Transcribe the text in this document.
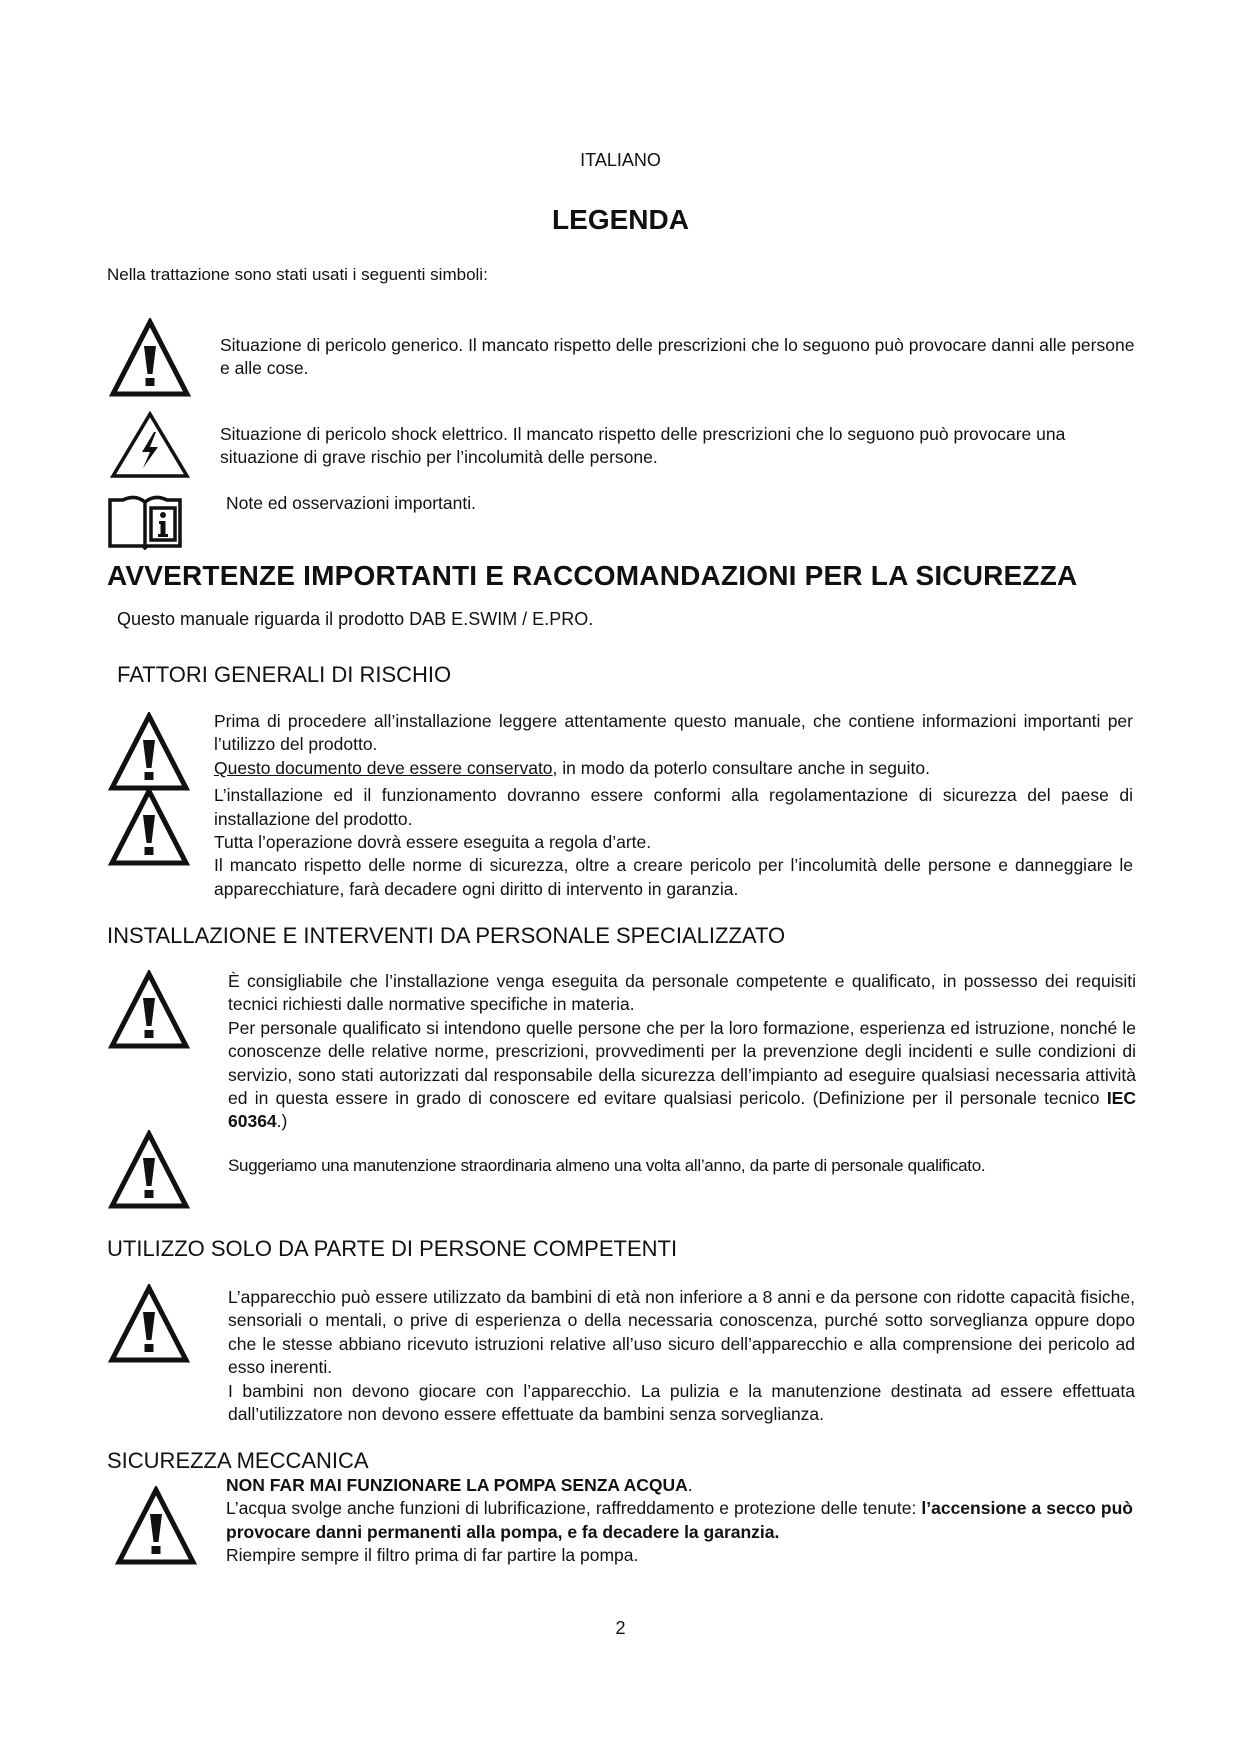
ITALIANO
LEGENDA
Nella trattazione sono stati usati i seguenti simboli:
Situazione di pericolo generico. Il mancato rispetto delle prescrizioni che lo seguono può provocare danni alle persone e alle cose.
Situazione di pericolo shock elettrico. Il mancato rispetto delle prescrizioni che lo seguono può provocare una situazione di grave rischio per l’incolumità delle persone.
Note ed osservazioni importanti.
AVVERTENZE IMPORTANTI E RACCOMANDAZIONI PER LA SICUREZZA
Questo manuale riguarda il prodotto DAB E.SWIM / E.PRO.
FATTORI GENERALI DI RISCHIO

Prima di procedere all’installazione leggere attentamente questo manuale, che contiene informazioni importanti per l’utilizzo del prodotto.

Questo documento deve essere conservato, in modo da poterlo consultare anche in seguito.

L’installazione ed il funzionamento dovranno essere conformi alla regolamentazione di sicurezza del paese di installazione del prodotto.

Tutta l’operazione dovrà essere eseguita a regola d’arte.

Il mancato rispetto delle norme di sicurezza, oltre a creare pericolo per l’incolumità delle persone e danneggiare le apparecchiature, farà decadere ogni diritto di intervento in garanzia.

INSTALLAZIONE E INTERVENTI DA PERSONALE SPECIALIZZATO

È consigliabile che l’installazione venga eseguita da personale competente e qualificato, in possesso dei requisiti tecnici richiesti dalle normative specifiche in materia.

Per personale qualificato si intendono quelle persone che per la loro formazione, esperienza ed istruzione, nonché le conoscenze delle relative norme, prescrizioni, provvedimenti per la prevenzione degli incidenti e sulle condizioni di servizio, sono stati autorizzati dal responsabile della sicurezza dell’impianto ad eseguire qualsiasi necessaria attività ed in questa essere in grado di conoscere ed evitare qualsiasi pericolo. (Definizione per il personale tecnico IEC 60364.)

Suggeriamo una manutenzione straordinaria almeno una volta all’anno, da parte di personale qualificato.
UTILIZZO SOLO DA PARTE DI PERSONE COMPETENTI

L’apparecchio può essere utilizzato da bambini di età non inferiore a 8 anni e da persone con ridotte capacità fisiche, sensoriali o mentali, o prive di esperienza o della necessaria conoscenza, purché sotto sorveglianza oppure dopo che le stesse abbiano ricevuto istruzioni relative all’uso sicuro dell’apparecchio e alla comprensione dei pericolo ad esso inerenti.

I bambini non devono giocare con l’apparecchio. La pulizia e la manutenzione destinata ad essere effettuata dall’utilizzatore non devono essere effettuate da bambini senza sorveglianza.

SICUREZZA MECCANICA

NON FAR MAI FUNZIONARE LA POMPA SENZA ACQUA.

L’acqua svolge anche funzioni di lubrificazione, raffreddamento e protezione delle tenute: l’accensione a secco può provocare danni permanenti alla pompa, e fa decadere la garanzia.

Riempire sempre il filtro prima di far partire la pompa.

2
